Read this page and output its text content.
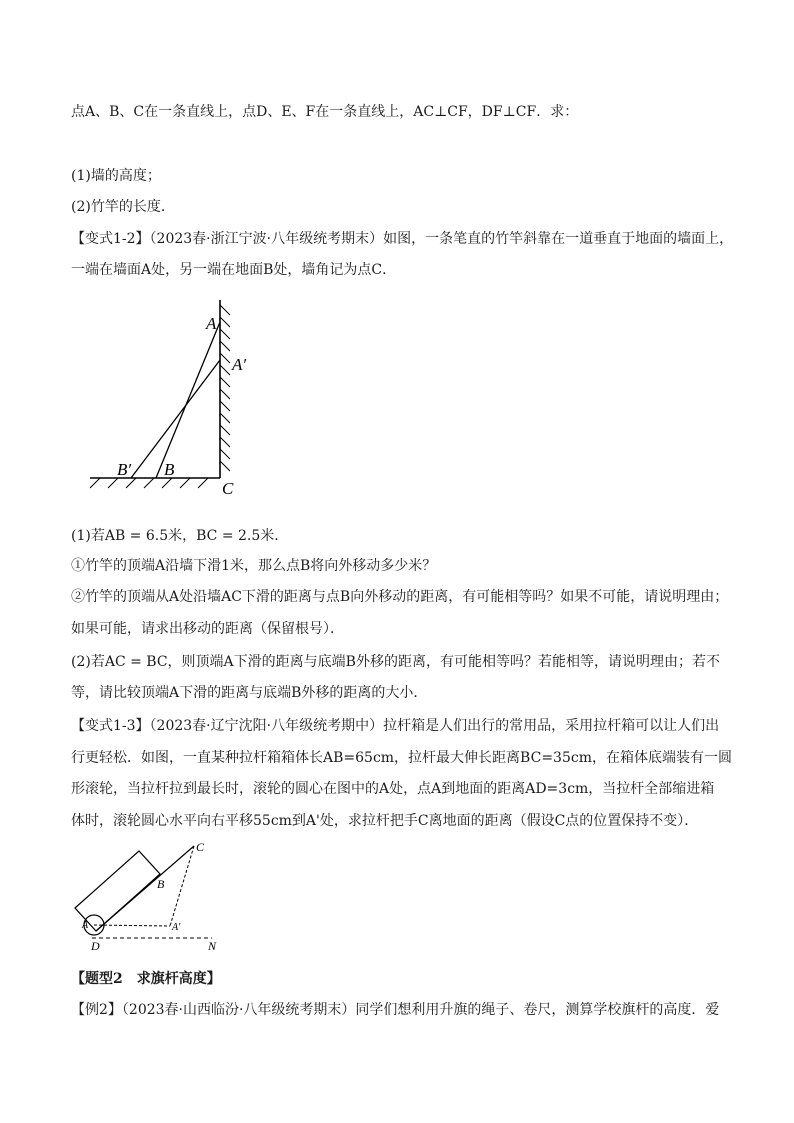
点A、B、C在一条直线上，点D、E、F在一条直线上，AC⊥CF，DF⊥CF．求：
(1)墙的高度；
(2)竹竿的长度．
【变式1-2】（2023春·浙江宁波·八年级统考期末）如图，一条笔直的竹竿斜靠在一道垂直于地面的墙面上，
一端在墙面A处，另一端在地面B处，墙角记为点C．
A
A′
B′ B
C
(1)若AB = 6.5米，BC = 2.5米．
①竹竿的顶端A沿墙下滑1米，那么点B将向外移动多少米？
②竹竿的顶端从A处沿墙AC下滑的距离与点B向外移动的距离，有可能相等吗？如果不可能，请说明理由；
如果可能，请求出移动的距离（保留根号）．
(2)若AC = BC，则顶端A下滑的距离与底端B外移的距离，有可能相等吗？若能相等，请说明理由；若不
等，请比较顶端A下滑的距离与底端B外移的距离的大小．
【变式1-3】（2023春·辽宁沈阳·八年级统考期中）拉杆箱是人们出行的常用品，采用拉杆箱可以让人们出
行更轻松．如图，一直某种拉杆箱箱体长AB=65cm，拉杆最大伸长距离BC=35cm，在箱体底端装有一圆
形滚轮，当拉杆拉到最长时，滚轮的圆心在图中的A处，点A到地面的距离AD=3cm，当拉杆全部缩进箱
体时，滚轮圆心水平向右平移55cm到A'处，求拉杆把手C离地面的距离（假设C点的位置保持不变）．
C
B
A	A′
D	N
【题型2　求旗杆高度】
【例2】（2023春·山西临汾·八年级统考期末）同学们想利用升旗的绳子、卷尺，测算学校旗杆的高度．爱
